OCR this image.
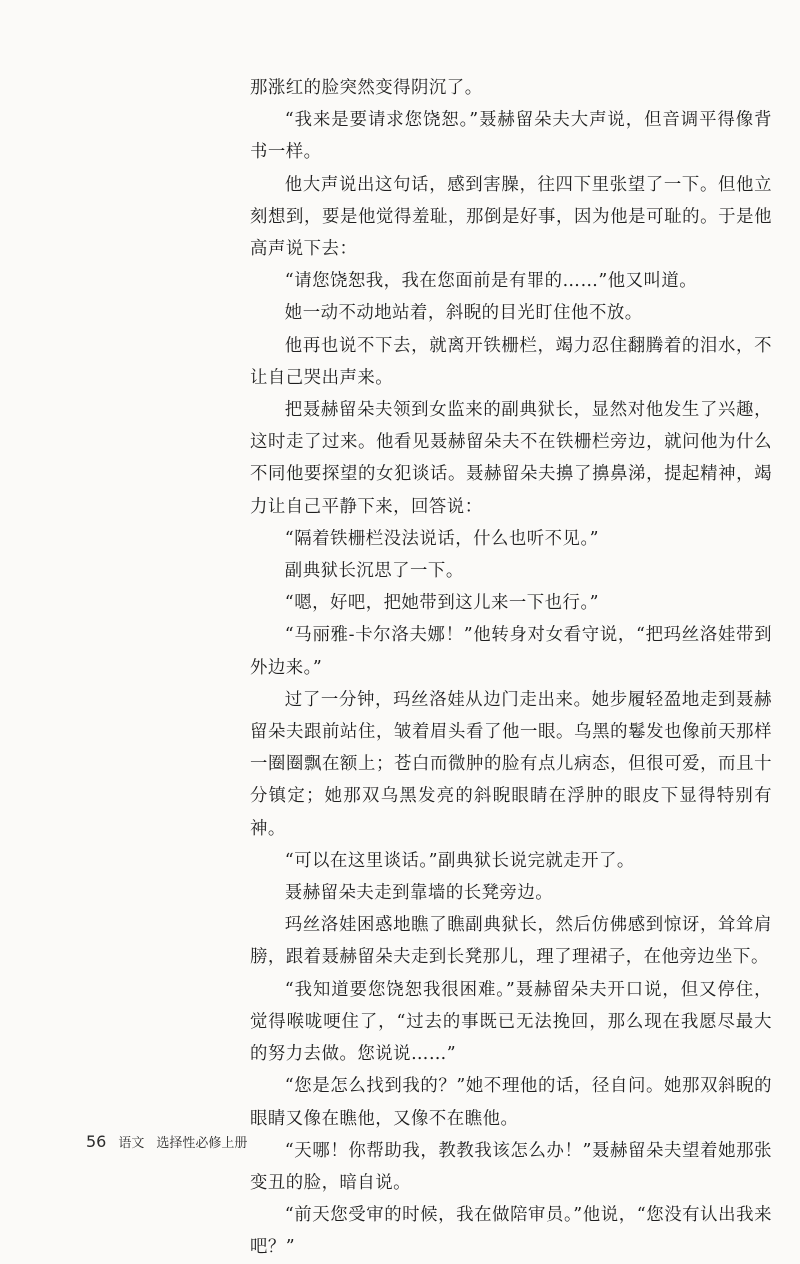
那涨红的脸突然变得阴沉了。

“我来是要请求您饶恕。”聂赫留朵夫大声说，但音调平得像背书一样。

他大声说出这句话，感到害臊，往四下里张望了一下。但他立刻想到，要是他觉得羞耻，那倒是好事，因为他是可耻的。于是他高声说下去：

“请您饶恕我，我在您面前是有罪的……”他又叫道。

她一动不动地站着，斜睨的目光盯住他不放。

他再也说不下去，就离开铁栅栏，竭力忍住翻腾着的泪水，不让自己哭出声来。

把聂赫留朵夫领到女监来的副典狱长，显然对他发生了兴趣，这时走了过来。他看见聂赫留朵夫不在铁栅栏旁边，就问他为什么不同他要探望的女犯谈话。聂赫留朵夫擤了擤鼻涕，提起精神，竭力让自己平静下来，回答说：

“隔着铁栅栏没法说话，什么也听不见。”

副典狱长沉思了一下。

“嗯，好吧，把她带到这儿来一下也行。”

“马丽雅-卡尔洛夫娜！”他转身对女看守说，“把玛丝洛娃带到外边来。”

过了一分钟，玛丝洛娃从边门走出来。她步履轻盈地走到聂赫留朵夫跟前站住，皱着眉头看了他一眼。乌黑的鬈发也像前天那样一圈圈飘在额上；苍白而微肿的脸有点儿病态，但很可爱，而且十分镇定；她那双乌黑发亮的斜睨眼睛在浮肿的眼皮下显得特别有神。

“可以在这里谈话。”副典狱长说完就走开了。

聂赫留朵夫走到靠墙的长凳旁边。

玛丝洛娃困惑地瞧了瞧副典狱长，然后仿佛感到惊讶，耸耸肩膀，跟着聂赫留朵夫走到长凳那儿，理了理裙子，在他旁边坐下。

“我知道要您饶恕我很困难。”聂赫留朵夫开口说，但又停住，觉得喉咙哽住了，“过去的事既已无法挽回，那么现在我愿尽最大的努力去做。您说说……”

“您是怎么找到我的？”她不理他的话，径自问。她那双斜睨的眼睛又像在瞧他，又像不在瞧他。

“天哪！你帮助我，教教我该怎么办！”聂赫留朵夫望着她那张变丑的脸，暗自说。

“前天您受审的时候，我在做陪审员。”他说，“您没有认出我来吧？”

56 语文 选择性必修上册
